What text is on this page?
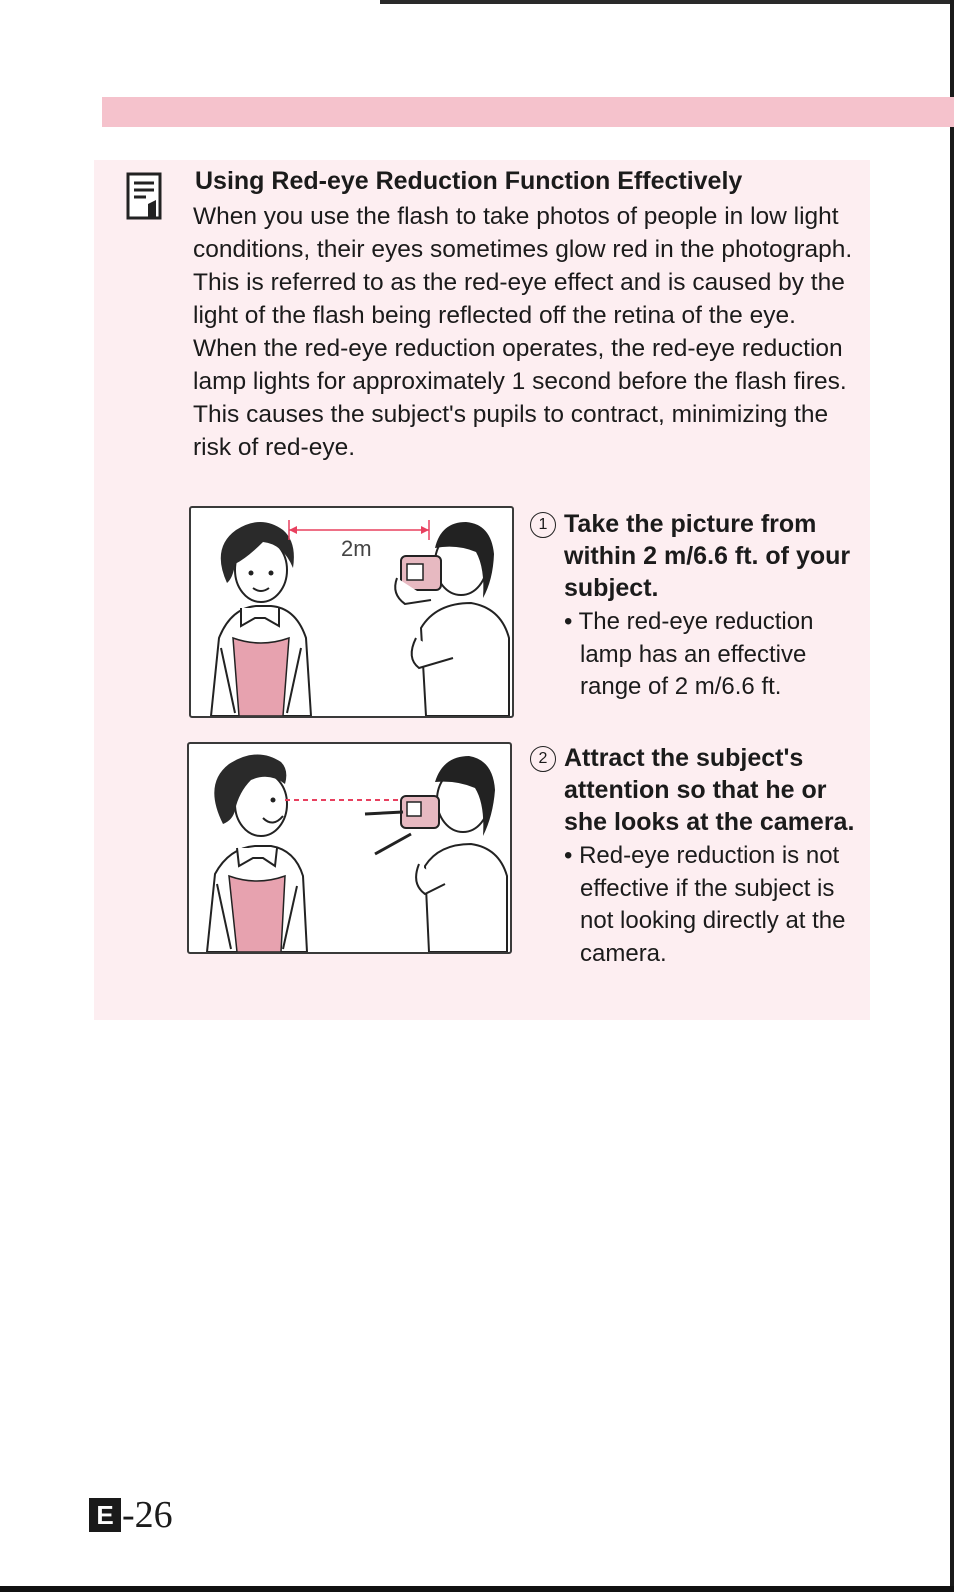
Using Red-eye Reduction Function Effectively

When you use the flash to take photos of people in low light conditions, their eyes sometimes glow red in the photograph. This is referred to as the red-eye effect and is caused by the light of the flash being reflected off the retina of the eye.

When the red-eye reduction operates, the red-eye reduction lamp lights for approximately 1 second before the flash fires. This causes the subject's pupils to contract, minimizing the risk of red-eye.

2m
1 Take the picture from within 2 m/6.6 ft. of your subject.
• The red-eye reduction lamp has an effective range of 2 m/6.6 ft.
2 Attract the subject's attention so that he or she looks at the camera.
• Red-eye reduction is not effective if the subject is not looking directly at the camera.
E -26
